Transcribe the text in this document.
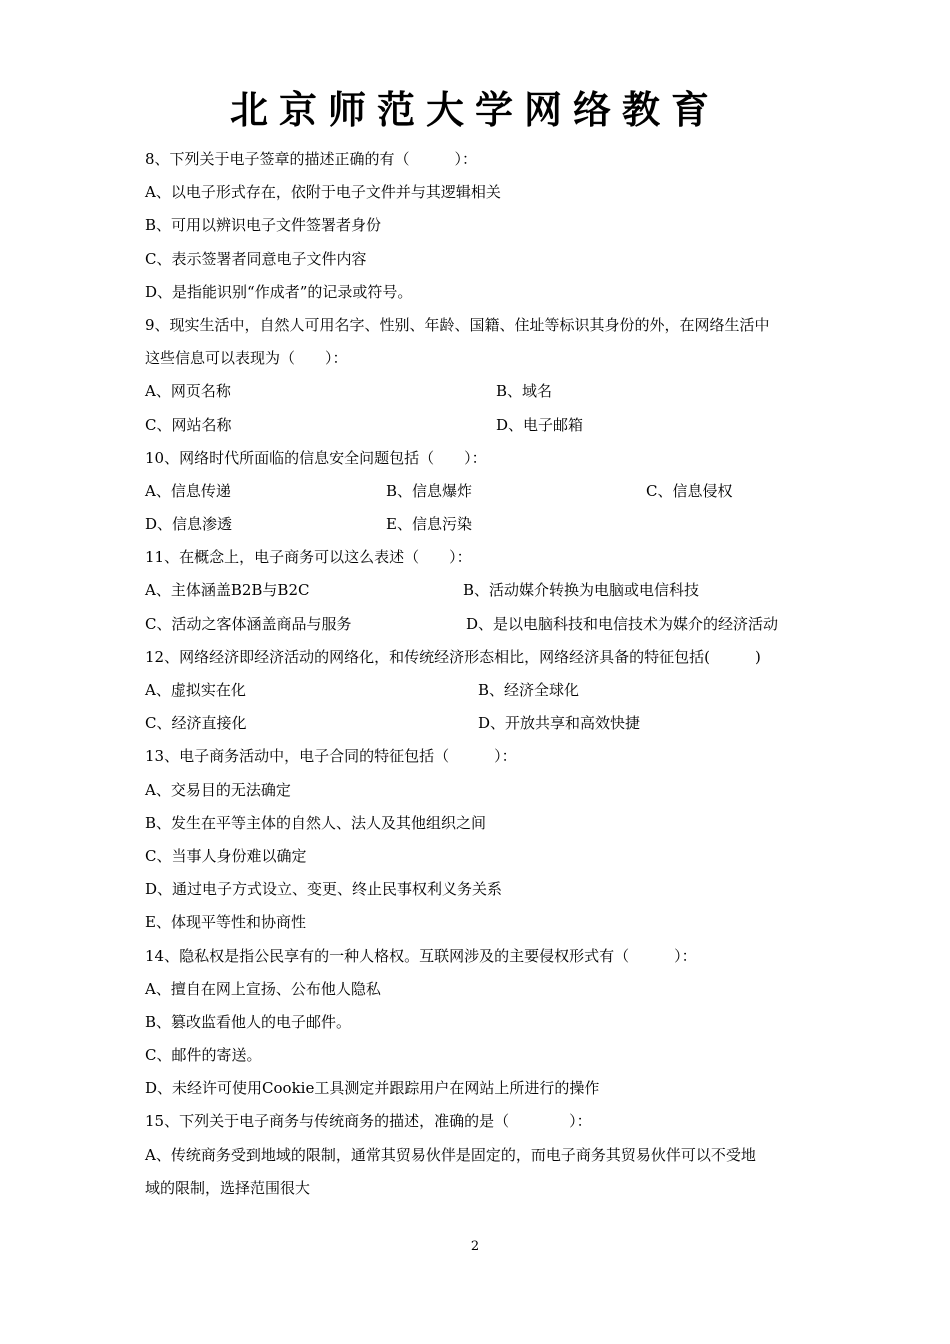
北京师范大学网络教育
8、下列关于电子签章的描述正确的有（　　　）：
A、以电子形式存在，依附于电子文件并与其逻辑相关
B、可用以辨识电子文件签署者身份
C、表示签署者同意电子文件内容
D、是指能识别“作成者”的记录或符号。
9、现实生活中，自然人可用名字、性别、年龄、国籍、住址等标识其身份的外，在网络生活中
这些信息可以表现为（　　）：
A、网页名称	B、域名
C、网站名称	D、电子邮箱
10、网络时代所面临的信息安全问题包括（　　）：
A、信息传递	B、信息爆炸	C、信息侵权
D、信息渗透	E、信息污染
11、在概念上，电子商务可以这么表述（　　）：
A、主体涵盖B2B与B2C	B、活动媒介转换为电脑或电信科技
C、活动之客体涵盖商品与服务	D、是以电脑科技和电信技术为媒介的经济活动
12、网络经济即经济活动的网络化，和传统经济形态相比，网络经济具备的特征包括(　　　)
A、虚拟实在化	B、经济全球化
C、经济直接化	D、开放共享和高效快捷
13、电子商务活动中，电子合同的特征包括（　　　）：
A、交易目的无法确定
B、发生在平等主体的自然人、法人及其他组织之间
C、当事人身份难以确定
D、通过电子方式设立、变更、终止民事权利义务关系
E、体现平等性和协商性
14、隐私权是指公民享有的一种人格权。互联网涉及的主要侵权形式有（　　　）：
A、擅自在网上宣扬、公布他人隐私
B、篡改监看他人的电子邮件。
C、邮件的寄送。
D、未经许可使用Cookie工具测定并跟踪用户在网站上所进行的操作
15、下列关于电子商务与传统商务的描述，准确的是（　　　　）：
A、传统商务受到地域的限制，通常其贸易伙伴是固定的，而电子商务其贸易伙伴可以不受地
域的限制，选择范围很大
2
